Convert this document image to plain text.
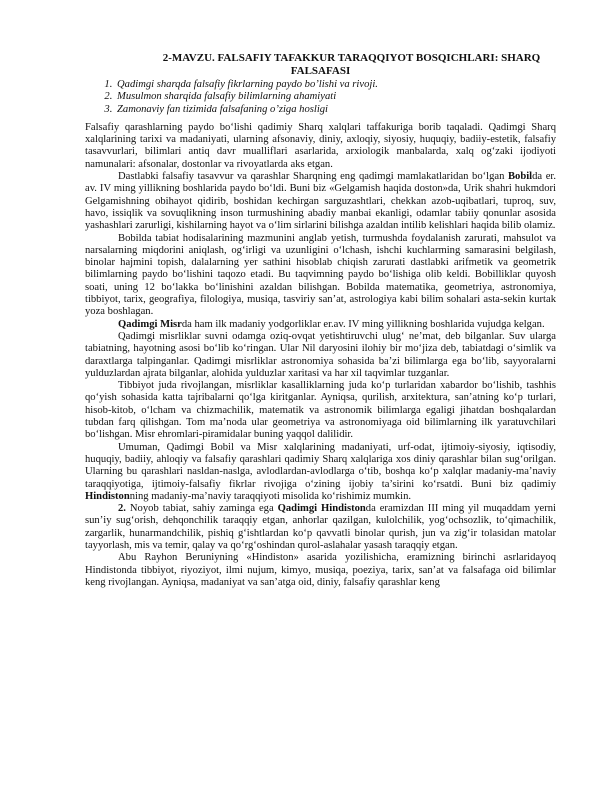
2-MAVZU. FALSAFIY TAFAKKUR TARAQQIYOT BOSQICHLARI: SHARQ
FALSAFASI
1. Qadimgi sharqda falsafiy fikrlarning paydo bo’lishi va rivoji.
2. Musulmon sharqida falsafiy bilimlarning ahamiyati
3. Zamonaviy fan tizimida falsafaning o’ziga hosligi

Falsafiy qarashlarning paydo bo‘lishi qadimiy Sharq xalqlari taffakuriga borib taqaladi. Qadimgi Sharq xalqlarining tarixi va madaniyati, ularning afsonaviy, diniy, axloqiy, siyosiy, huquqiy, badiiy-estetik, falsafiy tasavvurlari, bilimlari antiq davr mualliflari asarlarida, arxiologik manbalarda, xalq og‘zaki ijodiyoti namunalari: afsonalar, dostonlar va rivoyatlarda aks etgan.

Dastlabki falsafiy tasavvur va qarashlar Sharqning eng qadimgi mamlakatlaridan bo‘lgan Bobilda er. av. IV ming yillikning boshlarida paydo bo‘ldi. Buni biz «Gelgamish haqida doston»da, Urik shahri hukmdori Gelgamishning obihayot qidirib, boshidan kechirgan sarguzashtlari, chekkan azob-uqibatlari, tuproq, suv, havo, issiqlik va sovuqlikning inson turmushining abadiy manbai ekanligi, odamlar tabiiy qonunlar asosida yashashlari zarurligi, kishilarning hayot va o‘lim sirlarini bilishga azaldan intilib kelishlari haqida bilib olamiz.

Bobilda tabiat hodisalarining mazmunini anglab yetish, turmushda foydalanish zarurati, mahsulot va narsalarning miqdorini aniqlash, og‘irligi va uzunligini o‘lchash, ishchi kuchlarming samarasini belgilash, binolar hajmini topish, dalalarning yer sathini hisoblab chiqish zarurati dastlabki arifmetik va geometrik bilimlarning paydo bo‘lishini taqozo etadi. Bu taqvimning paydo bo‘lishiga olib keldi. Bobilliklar quyosh soati, uning 12 bo‘lakka bo‘linishini azaldan bilishgan. Bobilda matematika, geometriya, astronomiya, tibbiyot, tarix, geografiya, filologiya, musiqa, tasviriy san’at, astrologiya kabi bilim sohalari asta-sekin kurtak yoza boshlagan.

Qadimgi Misrda ham ilk madaniy yodgorliklar er.av. IV ming yillikning boshlarida vujudga kelgan.

Qadimgi misrliklar suvni odamga oziq-ovqat yetishtiruvchi ulug‘ ne’mat, deb bilganlar. Suv ularga tabiatning, hayotning asosi bo‘lib ko‘ringan. Ular Nil daryosini ilohiy bir mo‘jiza deb, tabiatdagi o‘simlik va daraxtlarga talpinganlar. Qadimgi misrliklar astronomiya sohasida ba’zi bilimlarga ega bo‘lib, sayyoralarni yulduzlardan ajrata bilganlar, alohida yulduzlar xaritasi va har xil taqvimlar tuzganlar.

Tibbiyot juda rivojlangan, misrliklar kasalliklarning juda ko‘p turlaridan xabardor bo‘lishib, tashhis qo‘yish sohasida katta tajribalarni qo‘lga kiritganlar. Ayniqsa, qurilish, arxitektura, san’atning ko‘p turlari, hisob-kitob, o‘lcham va chizmachilik, matematik va astronomik bilimlarga egaligi jihatdan boshqalardan tubdan farq qilishgan. Tom ma’noda ular geometriya va astronomiyaga oid bilimlarning ilk yaratuvchilari bo‘lishgan. Misr ehromlari-piramidalar buning yaqqol dalilidir.

Umuman, Qadimgi Bobil va Misr xalqlarining madaniyati, urf-odat, ijtimoiy-siyosiy, iqtisodiy, huquqiy, badiiy, ahloqiy va falsafiy qarashlari qadimiy Sharq xalqlariga xos diniy qarashlar bilan sug‘orilgan. Ularning bu qarashlari nasldan-naslga, avlodlardan-avlodlarga o‘tib, boshqa ko‘p xalqlar madaniy-ma’naviy taraqqiyotiga, ijtimoiy-falsafiy fikrlar rivojiga o‘zining ijobiy ta’sirini ko‘rsatdi. Buni biz qadimiy Hindistonning madaniy-ma’naviy taraqqiyoti misolida ko‘rishimiz mumkin.

2. Noyob tabiat, sahiy zaminga ega Qadimgi Hindistonda eramizdan III ming yil muqaddam yerni sun’iy sug‘orish, dehqonchilik taraqqiy etgan, anhorlar qazilgan, kulolchilik, yog‘ochsozlik, to‘qimachilik, zargarlik, hunarmandchilik, pishiq g‘ishtlardan ko‘p qavvatli binolar qurish, jun va zig‘ir tolasidan matolar tayyorlash, mis va temir, qalay va qo‘rg‘oshindan qurol-aslahalar yasash taraqqiy etgan.

Abu Rayhon Beruniyning «Hindiston» asarida yozilishicha, eramizning birinchi asrlaridayoq Hindistonda tibbiyot, riyoziyot, ilmi nujum, kimyo, musiqa, poeziya, tarix, san’at va falsafaga oid bilimlar keng rivojlangan. Ayniqsa, madaniyat va san’atga oid, diniy, falsafiy qarashlar keng
